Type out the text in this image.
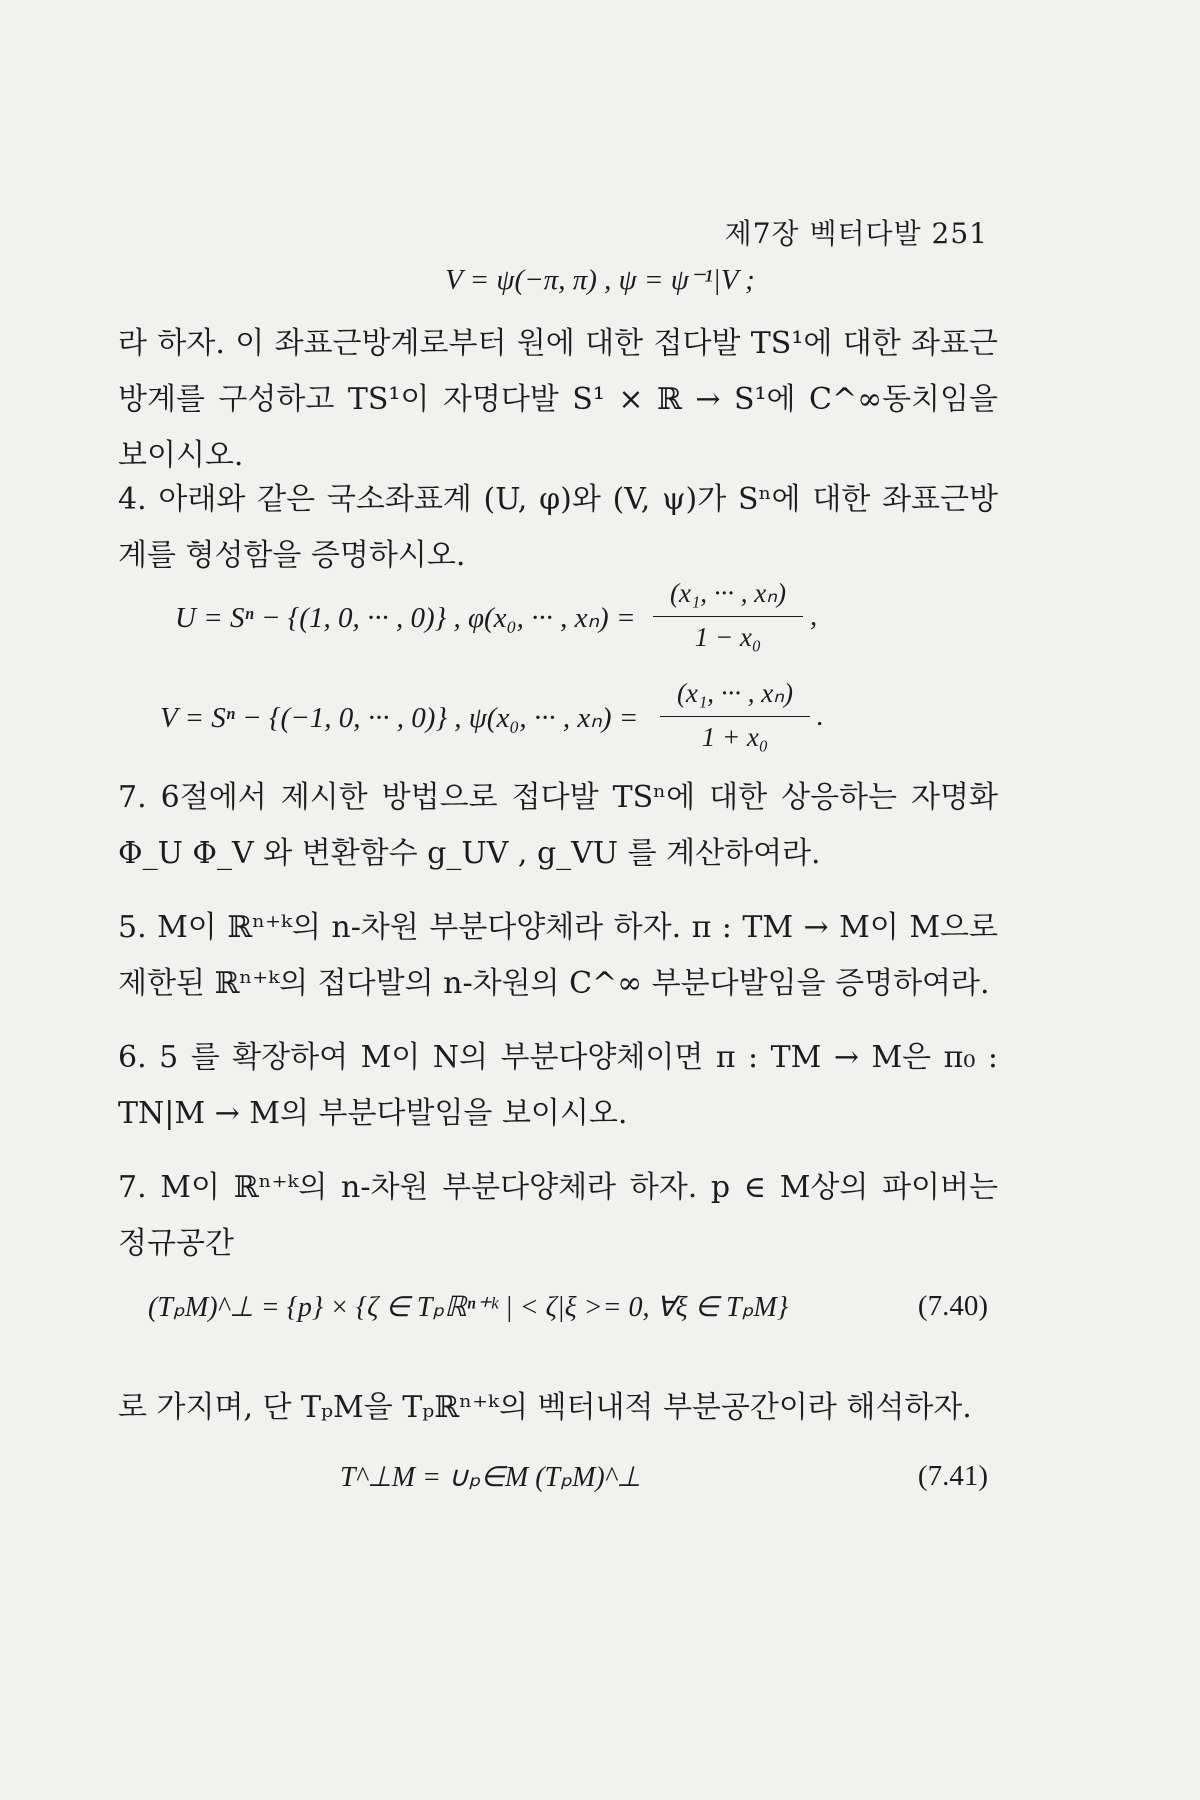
제7장 벡터다발 251
V = ψ(−π, π) , ψ = ψ⁻¹|V ;
라 하자. 이 좌표근방계로부터 원에 대한 접다발 TS¹에 대한 좌표근방계를 구성하고 TS¹이 자명다발 S¹ × ℝ → S¹에 C^∞동치임을 보이시오.
4. 아래와 같은 국소좌표계 (U, φ)와 (V, ψ)가 Sⁿ에 대한 좌표근방계를 형성함을 증명하시오.
U = Sⁿ − {(1, 0, ··· , 0)} , φ(x₀, ··· , xₙ) =
(x₁, ··· , xₙ)
1 − x₀
,
V = Sⁿ − {(−1, 0, ··· , 0)} , ψ(x₀, ··· , xₙ) =
(x₁, ··· , xₙ)
1 + x₀
.
7. 6절에서 제시한 방법으로 접다발 TSⁿ에 대한 상응하는 자명화 Φ_U Φ_V 와 변환함수 g_UV , g_VU 를 계산하여라.
5. M이 ℝⁿ⁺ᵏ의 n-차원 부분다양체라 하자. π : TM → M이 M으로 제한된 ℝⁿ⁺ᵏ의 접다발의 n-차원의 C^∞ 부분다발임을 증명하여라.
6. 5 를 확장하여 M이 N의 부분다양체이면 π : TM → M은 π₀ : TN|M → M의 부분다발임을 보이시오.
7. M이 ℝⁿ⁺ᵏ의 n-차원 부분다양체라 하자. p ∈ M상의 파이버는 정규공간
(TₚM)^⊥ = {p} × {ζ ∈ Tₚℝⁿ⁺ᵏ | < ζ|ξ >= 0, ∀ξ ∈ TₚM}	(7.40)
로 가지며, 단 TₚM을 Tₚℝⁿ⁺ᵏ의 벡터내적 부분공간이라 해석하자.
T^⊥M = ∪ₚ∈M (TₚM)^⊥	(7.41)
